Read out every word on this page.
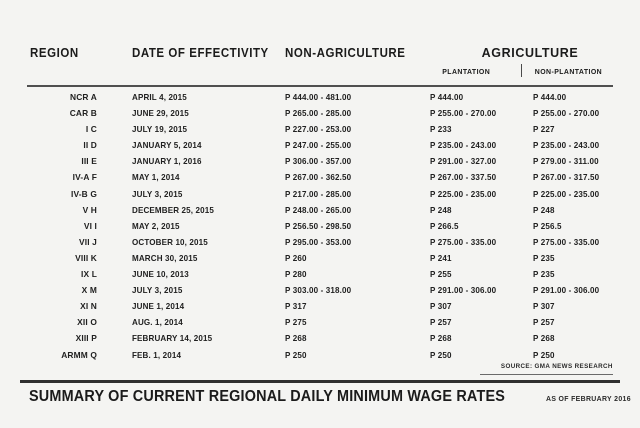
REGION	DATE OF EFFECTIVITY NON-AGRICULTURE	AGRICULTURE
PLANTATION	NON-PLANTATION
NCR A	APRIL 4, 2015	P 444.00 - 481.00	P 444.00	P 444.00
CAR B	JUNE 29, 2015	P 265.00 - 285.00	P 255.00 - 270.00	P 255.00 - 270.00
I C	JULY 19, 2015	P 227.00 - 253.00	P 233	P 227
II D	JANUARY 5, 2014	P 247.00 - 255.00	P 235.00 - 243.00	P 235.00 - 243.00
III E	JANUARY 1, 2016	P 306.00 - 357.00	P 291.00 - 327.00	P 279.00 - 311.00
IV-A F	MAY 1, 2014	P 267.00 - 362.50	P 267.00 - 337.50	P 267.00 - 317.50
IV-B G	JULY 3, 2015	P 217.00 - 285.00	P 225.00 - 235.00	P 225.00 - 235.00
V H	DECEMBER 25, 2015	P 248.00 - 265.00	P 248	P 248
VI I	MAY 2, 2015	P 256.50 - 298.50	P 266.5	P 256.5
VII J	OCTOBER 10, 2015	P 295.00 - 353.00	P 275.00 - 335.00	P 275.00 - 335.00
VIII K	MARCH 30, 2015	P 260	P 241	P 235
IX L	JUNE 10, 2013	P 280	P 255	P 235
X M	JULY 3, 2015	P 303.00 - 318.00	P 291.00 - 306.00	P 291.00 - 306.00
XI N	JUNE 1, 2014	P 317	P 307	P 307
XII O	AUG. 1, 2014	P 275	P 257	P 257
XIII P	FEBRUARY 14, 2015	P 268	P 268	P 268
ARMM Q	FEB. 1, 2014	P 250	P 250	P 250
SOURCE: GMA NEWS RESEARCH
SUMMARY OF CURRENT REGIONAL DAILY MINIMUM WAGE RATES	AS OF FEBRUARY 2016
